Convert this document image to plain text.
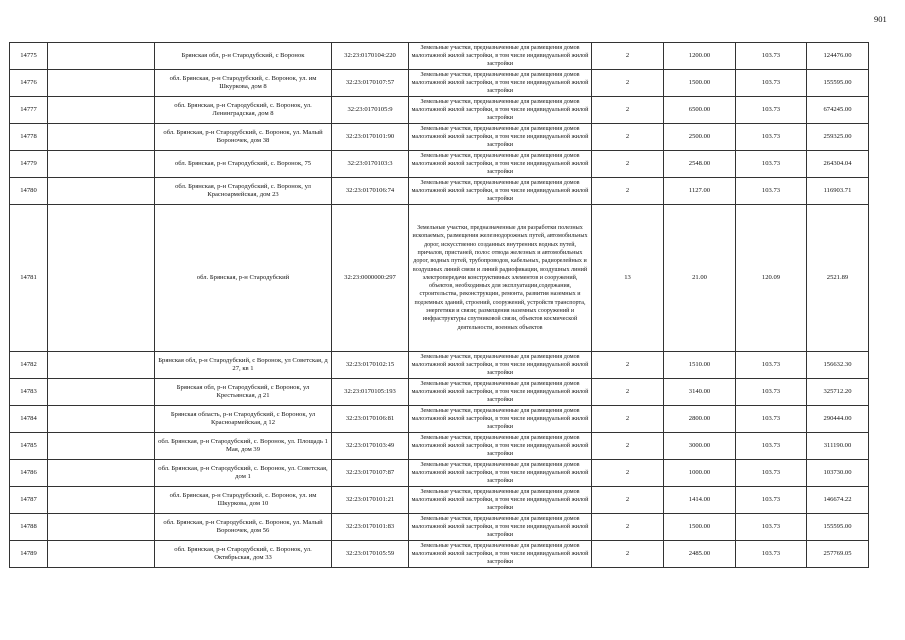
901
14775		Брянская обл, р-н Стародубский, с Воронок	32:23:0170104:220	Земельные участки, предназначенные для размещения домов малоэтажной жилой застройки, в том числе индивидуальной жилой застройки	2	1200.00	103.73	124476.00
14776		обл. Брянская, р-н Стародубский, с. Воронок, ул. им Шкуркова, дом 8	32:23:0170107:57	Земельные участки, предназначенные для размещения домов малоэтажной жилой застройки, в том числе индивидуальной жилой застройки	2	1500.00	103.73	155595.00
14777		обл. Брянская, р-н Стародубский, с. Воронок, ул. Ленинградская, дом 8	32:23:0170105:9	Земельные участки, предназначенные для размещения домов малоэтажной жилой застройки, в том числе индивидуальной жилой застройки	2	6500.00	103.73	674245.00
14778		обл. Брянская, р-н Стародубский, с. Воронок, ул. Малый Вороночек, дом 38	32:23:0170101:90	Земельные участки, предназначенные для размещения домов малоэтажной жилой застройки, в том числе индивидуальной жилой застройки	2	2500.00	103.73	259325.00
14779		обл. Брянская, р-н Стародубский, с. Воронок, 75	32:23:0170103:3	Земельные участки, предназначенные для размещения домов малоэтажной жилой застройки, в том числе индивидуальной жилой застройки	2	2548.00	103.73	264304.04
14780		обл. Брянская, р-н Стародубский, с. Воронок, ул Красноармейская, дом 23	32:23:0170106:74	Земельные участки, предназначенные для размещения домов малоэтажной жилой застройки, в том числе индивидуальной жилой застройки	2	1127.00	103.73	116903.71
14781		обл. Брянская, р-н Стародубский	32:23:0000000:297	Земельные участки, предназначенные для разработки полезных ископаемых, размещения железнодорожных путей, автомобильных дорог, искусственно созданных внутренних водных путей, причалов, пристаней, полос отвода железных и автомобильных дорог, водных путей, трубопроводов, кабельных, радиорелейных и воздушных линий связи и линий радиофикации, воздушных линий электропередачи конструктивных элементов и сооружений, объектов, необходимых для эксплуатации,содержания, строительства, реконструкции, ремонта, развития наземных и подземных зданий, строений, сооружений, устройств транспорта, энергетики и связи; размещения наземных сооружений и инфраструктуры спутниковой связи, объектов космической деятельности, военных объектов	13	21.00	120.09	2521.89
14782		Брянская обл, р-н Стародубский, с Воронок, ул Советская, д 27, кв 1	32:23:0170102:15	Земельные участки, предназначенные для размещения домов малоэтажной жилой застройки, в том числе индивидуальной жилой застройки	2	1510.00	103.73	156632.30
14783		Брянская обл, р-н Стародубский, с Воронок, ул Крестьянская, д 21	32:23:0170105:193	Земельные участки, предназначенные для размещения домов малоэтажной жилой застройки, в том числе индивидуальной жилой застройки	2	3140.00	103.73	325712.20
14784		Брянская область, р-н Стародубский, с Воронок, ул Красноармейская, д 12	32:23:0170106:81	Земельные участки, предназначенные для размещения домов малоэтажной жилой застройки, в том числе индивидуальной жилой застройки	2	2800.00	103.73	290444.00
14785		обл. Брянская, р-н Стародубский, с. Воронок, ул. Площадь 1 Мая, дом 39	32:23:0170103:49	Земельные участки, предназначенные для размещения домов малоэтажной жилой застройки, в том числе индивидуальной жилой застройки	2	3000.00	103.73	311190.00
14786		обл. Брянская, р-н Стародубский, с. Воронок, ул. Советская, дом 1	32:23:0170107:87	Земельные участки, предназначенные для размещения домов малоэтажной жилой застройки, в том числе индивидуальной жилой застройки	2	1000.00	103.73	103730.00
14787		обл. Брянская, р-н Стародубский, с. Воронок, ул. им Шкуркова, дом 10	32:23:0170101:21	Земельные участки, предназначенные для размещения домов малоэтажной жилой застройки, в том числе индивидуальной жилой застройки	2	1414.00	103.73	146674.22
14788		обл. Брянская, р-н Стародубский, с. Воронок, ул. Малый Вороночек, дом 56	32:23:0170101:83	Земельные участки, предназначенные для размещения домов малоэтажной жилой застройки, в том числе индивидуальной жилой застройки	2	1500.00	103.73	155595.00
14789		обл. Брянская, р-н Стародубский, с. Воронок, ул. Октябрьская, дом 33	32:23:0170105:59	Земельные участки, предназначенные для размещения домов малоэтажной жилой застройки, в том числе индивидуальной жилой застройки	2	2485.00	103.73	257769.05
